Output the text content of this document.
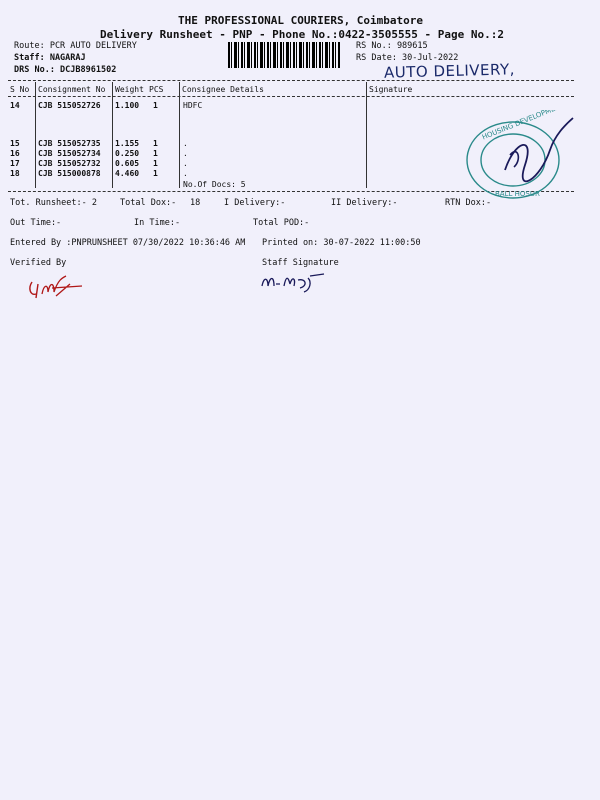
THE PROFESSIONAL COURIERS, Coimbatore
Delivery Runsheet - PNP - Phone No.:0422-3505555 - Page No.:2
Route: PCR AUTO DELIVERY
Staff: NAGARAJ
DRS No.: DCJB8961502
RS No.: 989615
RS Date: 30-Jul-2022
AUTO DELIVERY,
S No Consignment No Weight PCS Consignee Details	Signature
14 CJB 515052726 1.100 1	HDFC
15 CJB 515052735 1.155 1	.
16 CJB 515052734 0.250 1	.
17 CJB 515052732 0.605 1	.
18 CJB 515000878 4.460 1	.
No.Of Docs: 5
HOUSING DEVELOPMENT
BALL HOSUR
Tot. Runsheet:- 2	Total Dox:- 18	I Delivery:-	II Delivery:-	RTN Dox:-
Out Time:-	In Time:-	Total POD:-
Entered By :PNPRUNSHEET 07/30/2022 10:36:46 AM Printed on: 30-07-2022 11:00:50
Verified By	Staff Signature
